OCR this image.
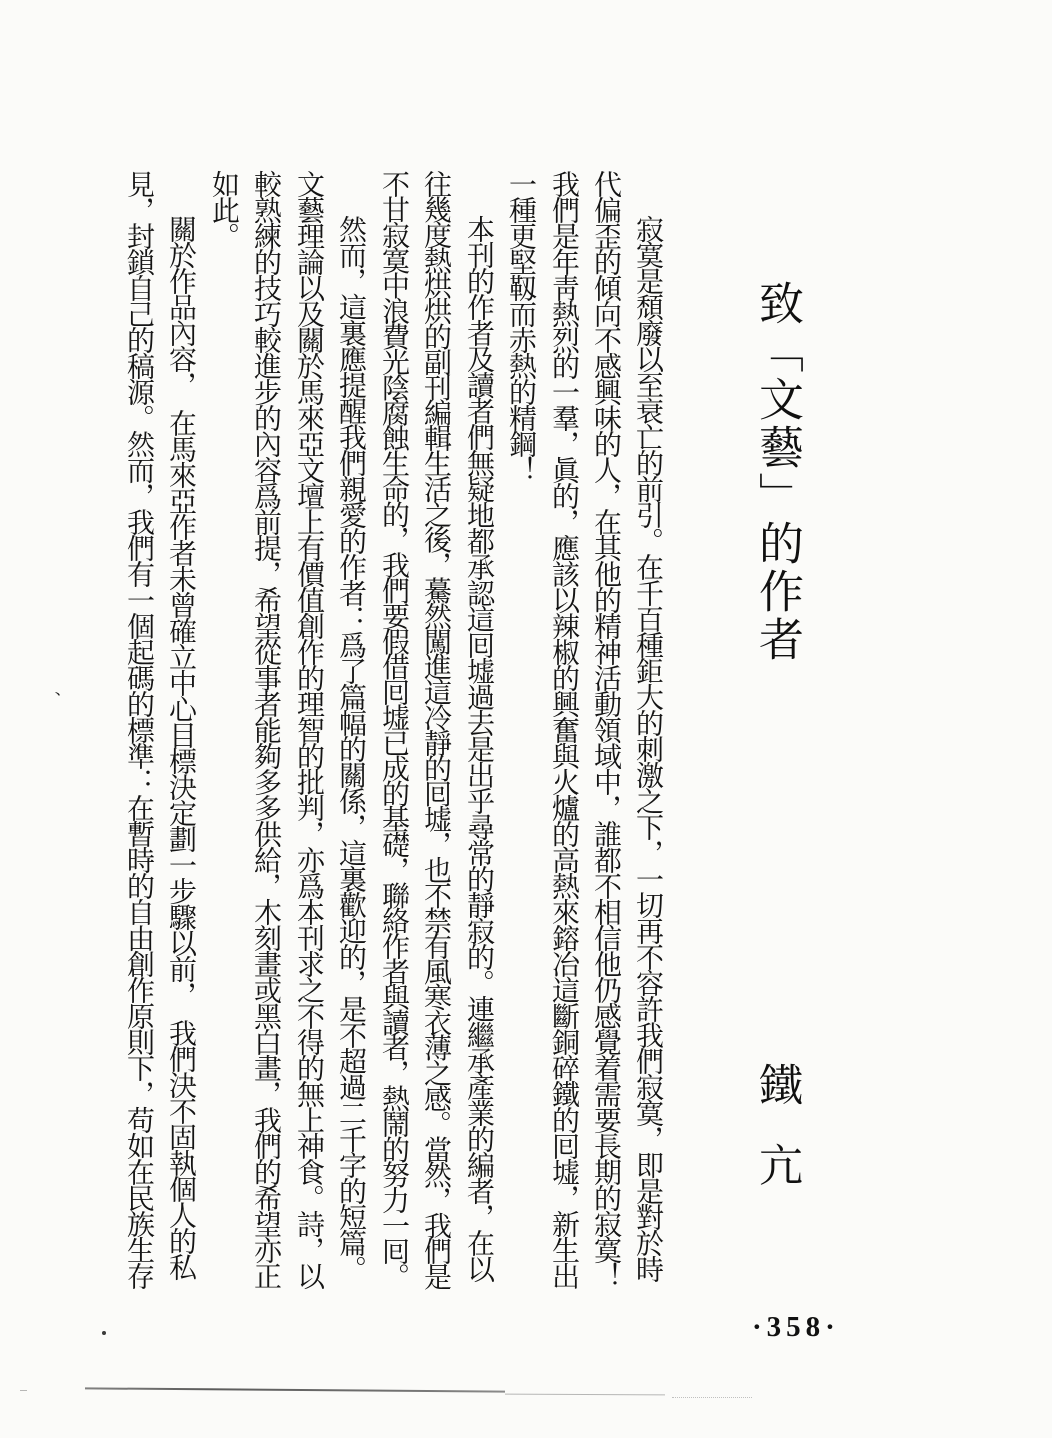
致「文藝」的作者
鐵亢
寂寞是頹廢以至衰亡的前引。在千百種鉅大的刺激之下，一切再不容許我們寂寞，即是對於時
代偏歪的傾向不感興味的人，在其他的精神活動領域中，誰都不相信他仍感覺着需要長期的寂寞！
我們是年靑熱烈的一羣，眞的，應該以辣椒的興奮與火爐的高熱來鎔冶這斷銅碎鐵的囘墟，新生出
一種更堅靱而赤熱的精鋼！
本刊的作者及讀者們無疑地都承認這囘墟過去是出乎尋常的靜寂的。連繼承產業的編者，在以
往幾度熱烘烘的副刊編輯生活之後，驀然闖進這冷靜的囘墟，也不禁有風寒衣薄之感。當然，我們是
不甘寂寞中浪費光陰腐蝕生命的，我們要假借囘墟已成的基礎，聯絡作者與讀者，熱鬧的努力一囘。
然而，這裏應提醒我們親愛的作者：爲了篇幅的關係，這裏歡迎的，是不超過二千字的短篇。
文藝理論以及關於馬來亞文壇上有價值創作的理智的批判，亦爲本刊求之不得的無上神食。詩，以
較熟練的技巧較進步的內容爲前提，希望從事者能夠多多供給，木刻畫或黑白畫，我們的希望亦正
如此。
關於作品內容，　在馬來亞作者未曾確立中心目標決定劃一步驟以前，　我們決不固執個人的私
見，封鎖自己的稿源。然而，我們有一個起碼的標準：在暫時的自由創作原則下，苟如在民族生存
·358·
、
